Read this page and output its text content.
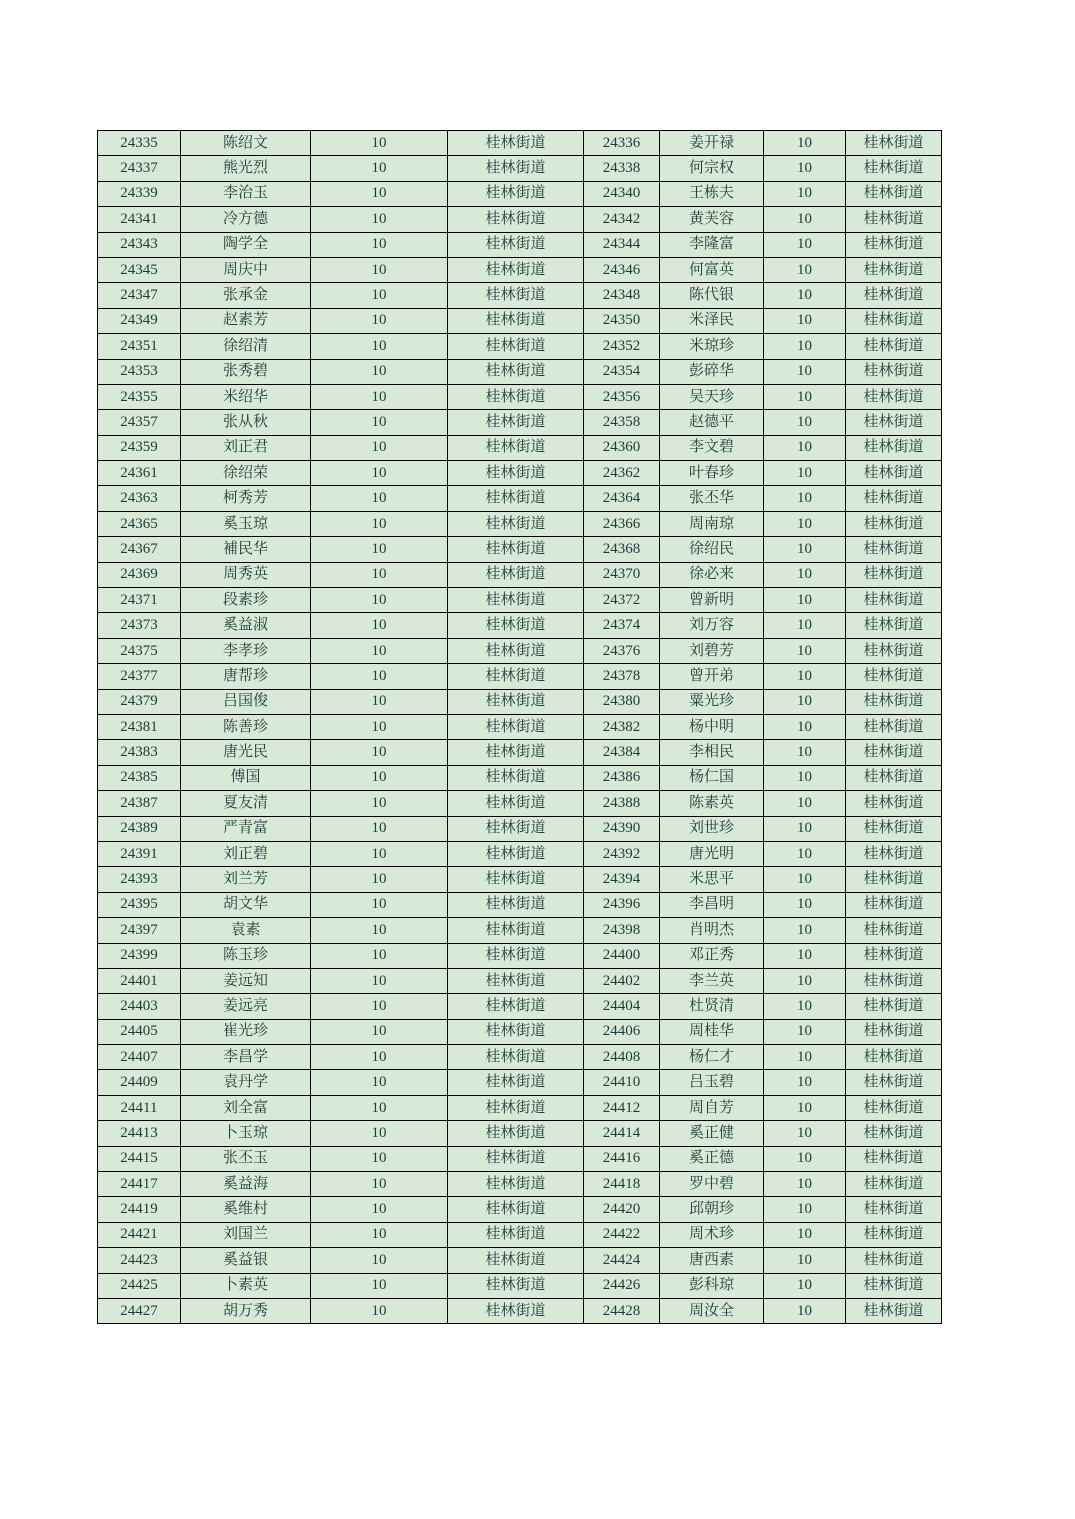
24335	陈绍文	10	桂林街道	24336	姜开禄	10	桂林街道
24337	熊光烈	10	桂林街道	24338	何宗权	10	桂林街道
24339	李治玉	10	桂林街道	24340	王栋夫	10	桂林街道
24341	冷方德	10	桂林街道	24342	黄芙容	10	桂林街道
24343	陶学全	10	桂林街道	24344	李隆富	10	桂林街道
24345	周庆中	10	桂林街道	24346	何富英	10	桂林街道
24347	张承金	10	桂林街道	24348	陈代银	10	桂林街道
24349	赵素芳	10	桂林街道	24350	米泽民	10	桂林街道
24351	徐绍清	10	桂林街道	24352	米琼珍	10	桂林街道
24353	张秀碧	10	桂林街道	24354	彭碎华	10	桂林街道
24355	米绍华	10	桂林街道	24356	吴天珍	10	桂林街道
24357	张从秋	10	桂林街道	24358	赵德平	10	桂林街道
24359	刘正君	10	桂林街道	24360	李文碧	10	桂林街道
24361	徐绍荣	10	桂林街道	24362	叶春珍	10	桂林街道
24363	柯秀芳	10	桂林街道	24364	张丕华	10	桂林街道
24365	奚玉琼	10	桂林街道	24366	周南琼	10	桂林街道
24367	補民华	10	桂林街道	24368	徐绍民	10	桂林街道
24369	周秀英	10	桂林街道	24370	徐必来	10	桂林街道
24371	段素珍	10	桂林街道	24372	曾新明	10	桂林街道
24373	奚益淑	10	桂林街道	24374	刘万容	10	桂林街道
24375	李孝珍	10	桂林街道	24376	刘碧芳	10	桂林街道
24377	唐帮珍	10	桂林街道	24378	曾开弟	10	桂林街道
24379	吕国俊	10	桂林街道	24380	粟光珍	10	桂林街道
24381	陈善珍	10	桂林街道	24382	杨中明	10	桂林街道
24383	唐光民	10	桂林街道	24384	李相民	10	桂林街道
24385	傅国	10	桂林街道	24386	杨仁国	10	桂林街道
24387	夏友清	10	桂林街道	24388	陈素英	10	桂林街道
24389	严青富	10	桂林街道	24390	刘世珍	10	桂林街道
24391	刘正碧	10	桂林街道	24392	唐光明	10	桂林街道
24393	刘兰芳	10	桂林街道	24394	米思平	10	桂林街道
24395	胡文华	10	桂林街道	24396	李昌明	10	桂林街道
24397	袁素	10	桂林街道	24398	肖明杰	10	桂林街道
24399	陈玉珍	10	桂林街道	24400	邓正秀	10	桂林街道
24401	姜远知	10	桂林街道	24402	李兰英	10	桂林街道
24403	姜远亮	10	桂林街道	24404	杜贤清	10	桂林街道
24405	崔光珍	10	桂林街道	24406	周桂华	10	桂林街道
24407	李昌学	10	桂林街道	24408	杨仁才	10	桂林街道
24409	袁丹学	10	桂林街道	24410	吕玉碧	10	桂林街道
24411	刘全富	10	桂林街道	24412	周自芳	10	桂林街道
24413	卜玉琼	10	桂林街道	24414	奚正健	10	桂林街道
24415	张丕玉	10	桂林街道	24416	奚正德	10	桂林街道
24417	奚益海	10	桂林街道	24418	罗中碧	10	桂林街道
24419	奚维村	10	桂林街道	24420	邱朝珍	10	桂林街道
24421	刘国兰	10	桂林街道	24422	周术珍	10	桂林街道
24423	奚益银	10	桂林街道	24424	唐西素	10	桂林街道
24425	卜素英	10	桂林街道	24426	彭科琼	10	桂林街道
24427	胡万秀	10	桂林街道	24428	周汝全	10	桂林街道
